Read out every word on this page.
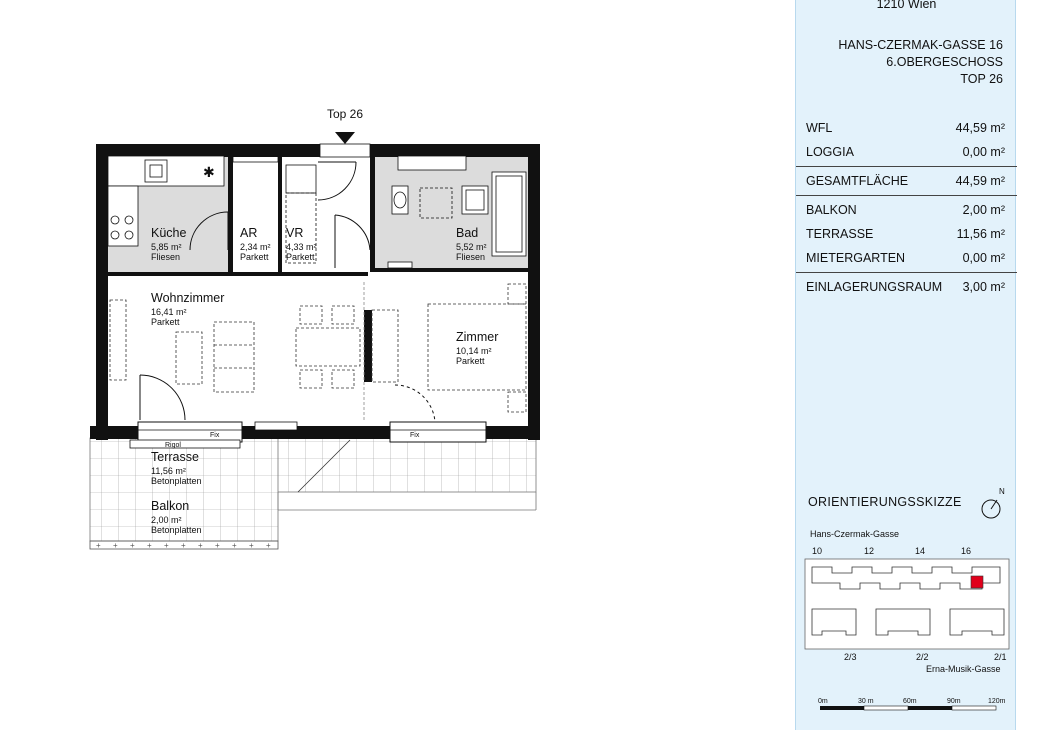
+ + + + + + + + + + +
Top 26
✱
Küche
5,85 m²
Fliesen
AR
2,34 m²
Parkett
VR
4,33 m²
Parkett
Bad
5,52 m²
Fliesen
Wohnzimmer
16,41 m²
Parkett
Zimmer
10,14 m²
Parkett
Terrasse
11,56 m²
Betonplatten
Balkon
2,00 m²
Betonplatten
Rigol
Fix	Fix
1210 Wien
HANS-CZERMAK-GASSE 16
6.OBERGESCHOSS
TOP 26
WFL	44,59 m²
LOGGIA	0,00 m²
GESAMTFLÄCHE	44,59 m²
BALKON	2,00 m²
TERRASSE	11,56 m²
MIETERGARTEN	0,00 m²
EINLAGERUNGSRAUM 3,00 m²
ORIENTIERUNGSSKIZZE
N
Hans-Czermak-Gasse
10	12	14	16
2/3	2/2	2/1
Erna-Musik-Gasse
0m	30 m	60m	90m	120m
